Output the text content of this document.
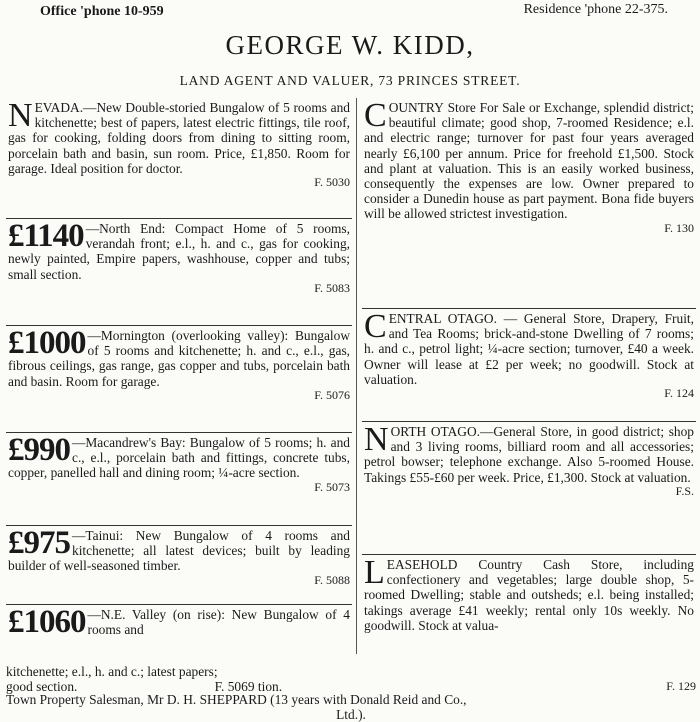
Office 'phone 10-959	Residence 'phone 22-375.
GEORGE W. KIDD,
LAND AGENT AND VALUER, 73 PRINCES STREET.
NEVADA.—New Double-storied Bungalow of 5 rooms and kitchenette; best of papers, latest electric fittings, tile roof, gas for cooking, folding doors from dining to sitting room, porcelain bath and basin, sun room. Price, £1,850. Room for garage. Ideal position for doctor.
F. 5030
£1140 —North End: Compact Home of 5 rooms, verandah front; e.l., h. and c., gas for cooking, newly painted, Empire papers, washhouse, copper and tubs; small section.
F. 5083
£1000 —Mornington (overlooking valley): Bungalow of 5 rooms and kitchenette; h. and c., e.l., gas, fibrous ceilings, gas range, gas copper and tubs, porcelain bath and basin. Room for garage.
F. 5076
£990 —Macandrew's Bay: Bungalow of 5 rooms; h. and c., e.l., porcelain bath and fittings, concrete tubs, copper, panelled hall and dining room; ¼-acre section.
F. 5073
£975 —Tainui: New Bungalow of 4 rooms and kitchenette; all latest devices; built by leading builder of well-seasoned timber.
F. 5088
£1060 —N.E. Valley (on rise): New Bungalow of 4 rooms and
COUNTRY Store For Sale or Exchange, splendid district; beautiful climate; good shop, 7-roomed Residence; e.l. and electric range; turnover for past four years averaged nearly £6,100 per annum. Price for freehold £1,500. Stock and plant at valuation. This is an easily worked business, consequently the expenses are low. Owner prepared to consider a Dunedin house as part payment. Bona fide buyers will be allowed strictest investigation.
F. 130
CENTRAL OTAGO. — General Store, Drapery, Fruit, and Tea Rooms; brick-and-stone Dwelling of 7 rooms; h. and c., petrol light; ¼-acre section; turnover, £40 a week. Owner will lease at £2 per week; no goodwill. Stock at valuation.
F. 124
NORTH OTAGO.—General Store, in good district; shop and 3 living rooms, billiard room and all accessories; petrol bowser; telephone exchange. Also 5-roomed House. Takings £55-£60 per week. Price, £1,300. Stock at valuation.
F.S.
LEASEHOLD Country Cash Store, including confectionery and vegetables; large double shop, 5-roomed Dwelling; stable and outsheds; e.l. being installed; takings average £41 weekly; rental only 10s weekly. No goodwill. Stock at valua-
kitchenette; e.l., h. and c.; latest papers;
good section.	F. 5069 tion.	F. 129
Town Property Salesman, Mr D. H. SHEPPARD (13 years with Donald Reid and Co.,
Ltd.).
